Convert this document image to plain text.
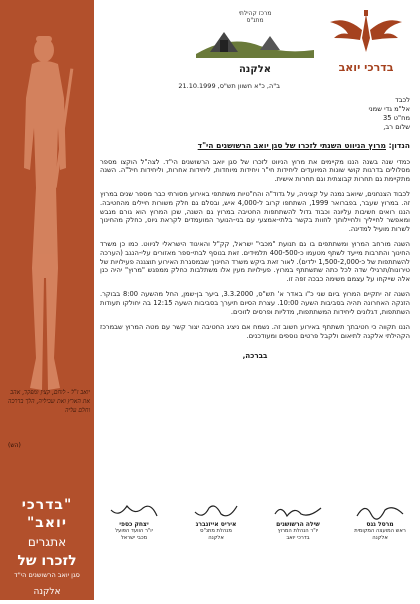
יואב ז"ל - לוחם, קצין ומפקד, אהב את הארץ ואת שביליה, הלך בדרכה וחלם עליה
(הש)
"בדרכי יואב"
אתגרים
לזכרו של
סגן יואב הרשושנים הי"ד
אלקנה
בדרכי יואב
מרכז קהילתי
מתנ"ס
אלקנה
ב"ה, כ"א חשוון תש"ס, 21.10.1999
לכבד
אל"מ גדי שמני
מח"ט 35
שלום רב,
הנדון: מרוץ הניווט השנתי לזכרו של סגן יואב הרשושנים הי"ד
כמדי שנה בשנה הננו מקיימים את מרוץ הניווט לזכרו של סגן יואב הרשושנים הי"ד. לצה"ל הוקצו מספר מסלולים בדרגות קושי שונות המיועדים ליחידות חי"ר ויחידות מיוחדות, ליחידות אחרות, וליחידות חיל"ה. השנה מתקיימת גם תחרות קבוצתית וגם תחרות אישית.
לכבוד הצנחנים, שיואב נמנה על קציניה, על גדוד"ה והח"טיות משתתפי באירוע מסורתי כבר מספר שנים במרוץ זה. במרוץ שעבר, בפברואר 1999, השתתפו קרוב ל-4,000 איש, ובסלם גם חלק משורות חיילים מהחטיבה. הננו רואים חשיבות עליונה וכבוד גדול להשתתפות החטיבה במרוץ גם השנה, שכן המרוץ הוא גורם מגבש ומאפשר לחייליך ולחיילותך לחוות בקשר בלתי-אמצעי עם בני-הנוער המועמדים לקראת גיוס, כחלק מהחינוך לשרות מועיל למדינה.
השנה מורחב המרוץ ומשתתפים בו גם תנועת "מכבי" ישראל, קק"ל והאיגוד הישראלי לניווט. כמו כן משרד החינוך והתרבות מייעד לשתף מטעמו כ-400-500 תלמידים. זאת בנוסף לבתי-ספר מאזורים עלי-הנגב (הערכה להשתתפות של כ-1,500-2,000 ילדים). לאור זאת ביקש משרד החינוך שבמסגרת האירוע תוצגנה פעילויות של טירונות/תרגילי שדה לכל כתה שתשתתף במרוץ. פעילויות מעין אלו משתלבות כחלק ממפגש "מרוץ" יהיה כנן אלה שייקחו על עצמם משימה כבכה זפה זו.
השנה זה יתקיים המרוץ ביום שני כ"ו באדר א' תש"ס, 3.3.2000, ביער בן-שמן, החל מהשעה 8:00 בבוקר. הזנקה האחרונה תהיה בסביבות השעה 10:00. עצרת הסיום תיערך בסביבות השעה 12:15 בה יחולקו תעודות השתתפות, דגלונים ליחידות המשתתפות, מדליות ופרסים לזוכים.
הננו תקווה כי חטיבתך תשתתף באירוע חשוב זה. נשמח אם ניציג החטיבה יצור קשר עם מטה המרוץ שבמרכז הקהילתי אלקנה לתיאום ולקבל פרטים נוספים ומעודכנים.
בברכה,
מרסל גנס
ראש המועצה המקומית
אלקנה
שילה הרשושנים
יו"ר הנהלת המרוץ
בדרכי יואב
איריס אייזנברג
מנהלת מתנ"ס
אלקנה
יצחק כספי
יו"ר הוועד הפועל
מכבי ישראל
